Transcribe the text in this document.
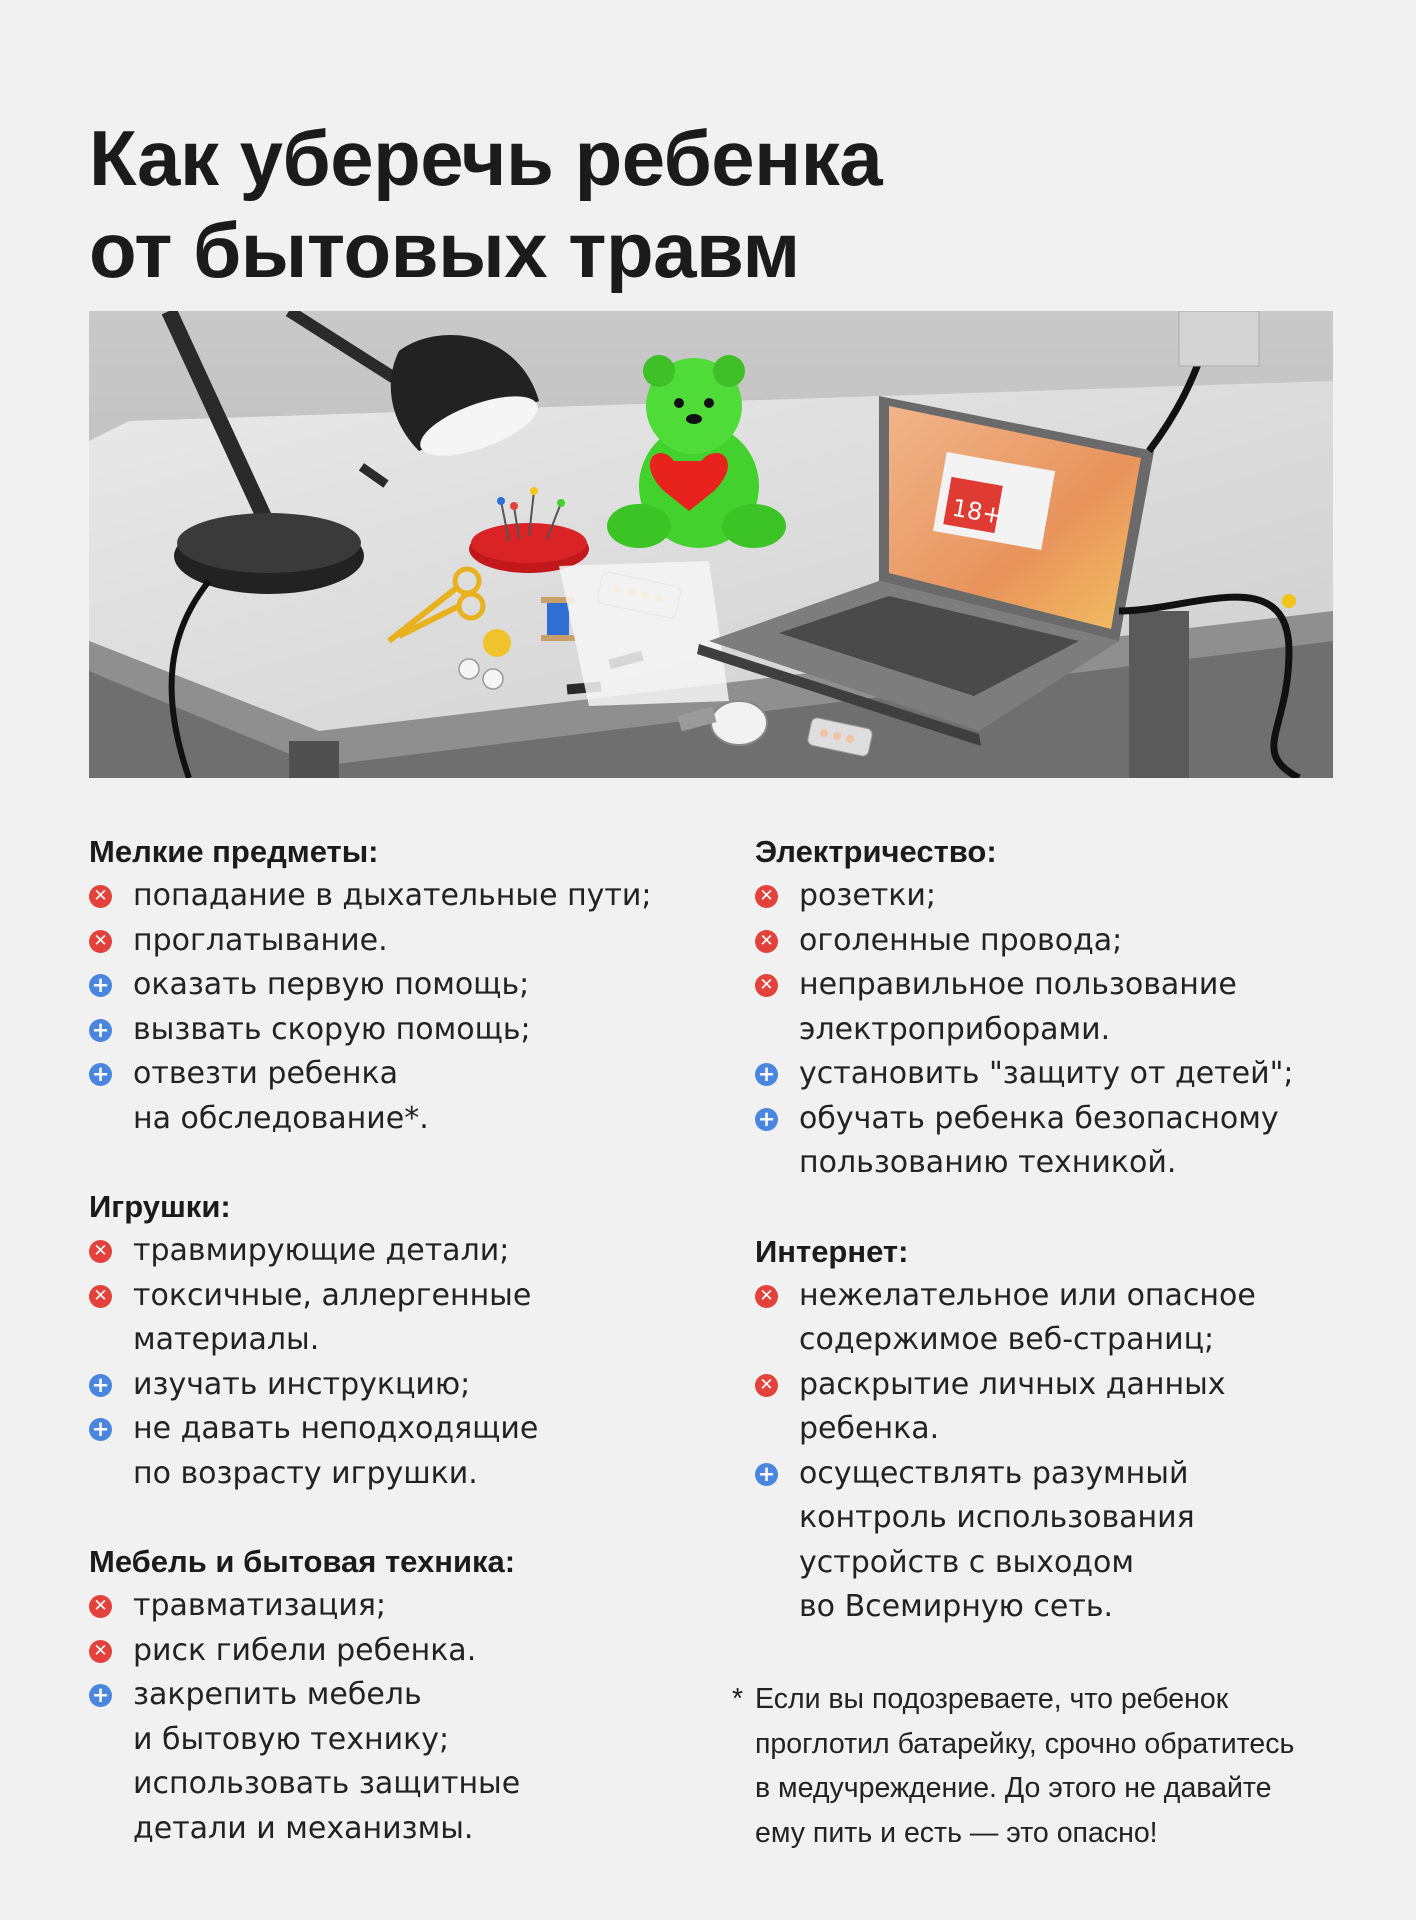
Как уберечь ребенка
от бытовых травм
18+
Мелкие предметы:
✕ попадание в дыхательные пути;
✕ проглатывание.
+ оказать первую помощь;
+ вызвать скорую помощь;
+ отвезти ребенка
на обследование*.
Игрушки:
✕ травмирующие детали;
✕ токсичные, аллергенные
материалы.
+ изучать инструкцию;
+ не давать неподходящие
по возрасту игрушки.
Мебель и бытовая техника:
✕ травматизация;
✕ риск гибели ребенка.
+ закрепить мебель
и бытовую технику;
использовать защитные
детали и механизмы.
Электричество:
✕ розетки;
✕ оголенные провода;
✕ неправильное пользование
электроприборами.
+ установить "защиту от детей";
+ обучать ребенка безопасному
пользованию техникой.
Интернет:
✕ нежелательное или опасное
содержимое веб-страниц;
✕ раскрытие личных данных
ребенка.
+ осуществлять разумный
контроль использования
устройств с выходом
во Всемирную сеть.
* Если вы подозреваете, что ребенок
проглотил батарейку, срочно обратитесь
в медучреждение. До этого не давайте
ему пить и есть — это опасно!
